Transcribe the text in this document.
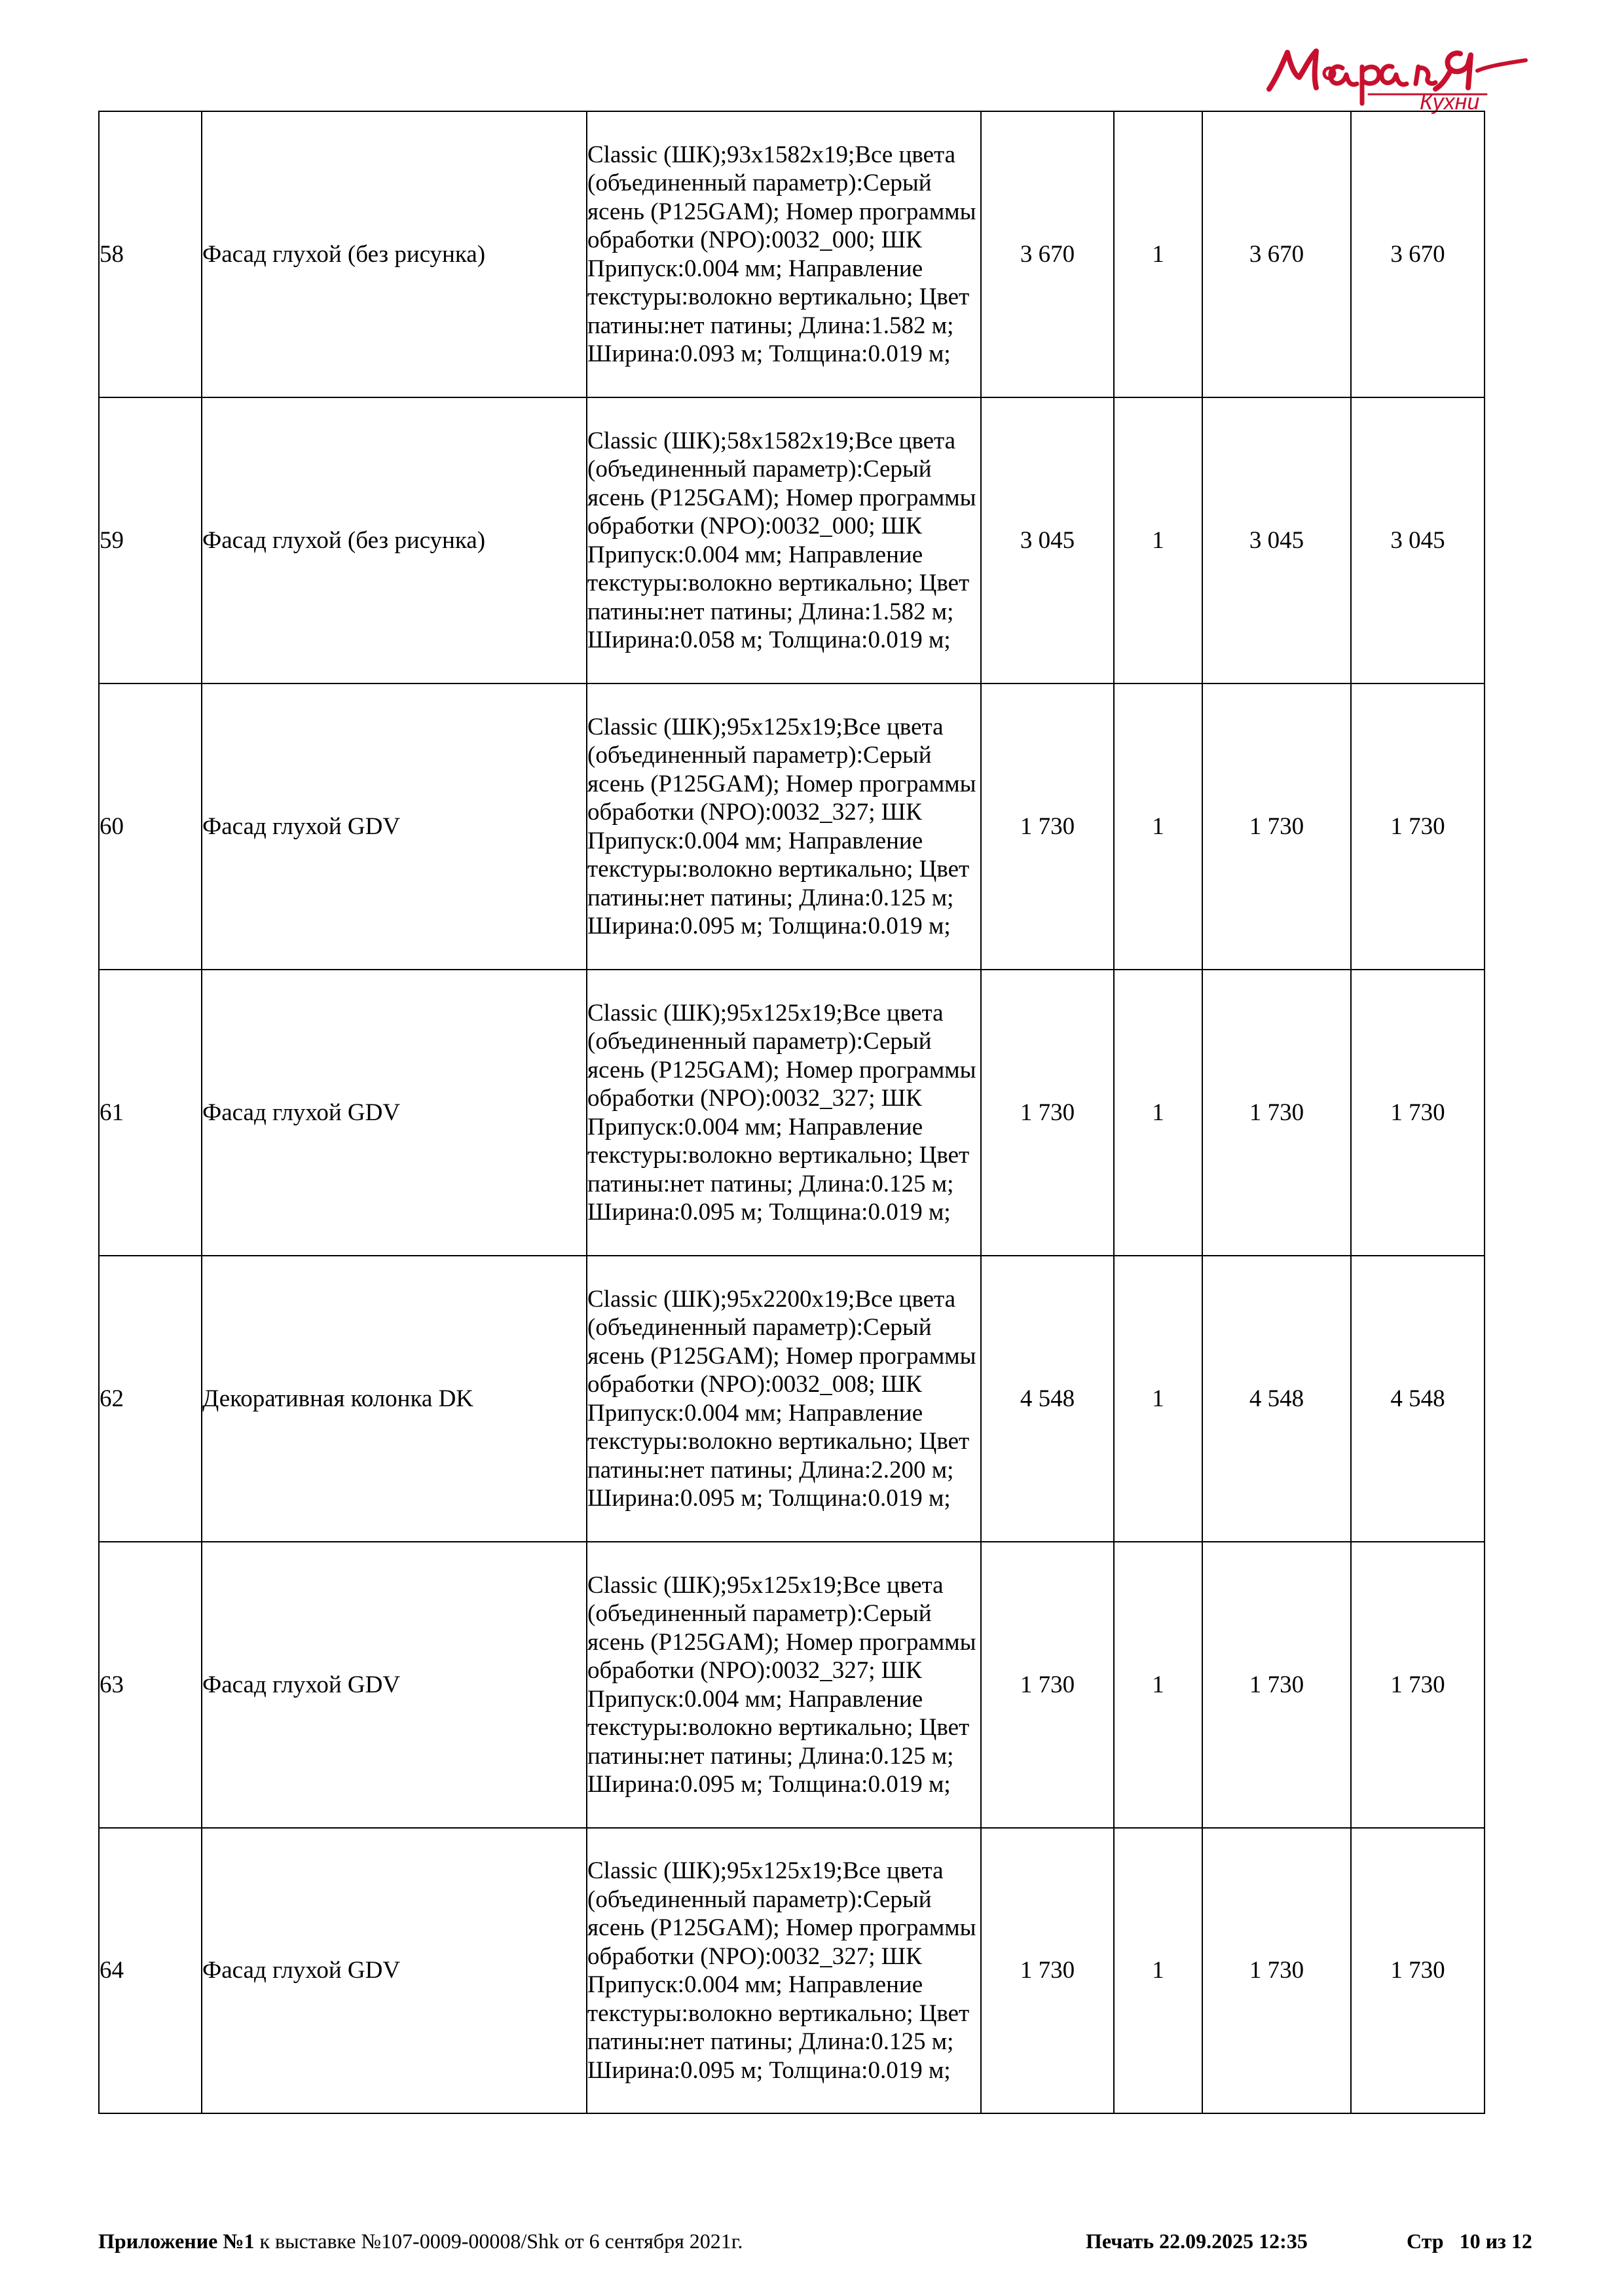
Кухни
58	Фасад глухой (без рисунка)	Classic (ШК);93x1582x19;Все цвета (объединенный параметр):Серый ясень (P125GAM); Номер программы обработки (NPO):0032_000; ШК Припуск:0.004 мм; Направление текстуры:волокно вертикально; Цвет патины:нет патины; Длина:1.582 м; Ширина:0.093 м; Толщина:0.019 м;	3 670	1	3 670	3 670
59	Фасад глухой (без рисунка)	Classic (ШК);58x1582x19;Все цвета (объединенный параметр):Серый ясень (P125GAM); Номер программы обработки (NPO):0032_000; ШК Припуск:0.004 мм; Направление текстуры:волокно вертикально; Цвет патины:нет патины; Длина:1.582 м; Ширина:0.058 м; Толщина:0.019 м;	3 045	1	3 045	3 045
60	Фасад глухой GDV	Classic (ШК);95x125x19;Все цвета (объединенный параметр):Серый ясень (P125GAM); Номер программы обработки (NPO):0032_327; ШК Припуск:0.004 мм; Направление текстуры:волокно вертикально; Цвет патины:нет патины; Длина:0.125 м; Ширина:0.095 м; Толщина:0.019 м;	1 730	1	1 730	1 730
61	Фасад глухой GDV	Classic (ШК);95x125x19;Все цвета (объединенный параметр):Серый ясень (P125GAM); Номер программы обработки (NPO):0032_327; ШК Припуск:0.004 мм; Направление текстуры:волокно вертикально; Цвет патины:нет патины; Длина:0.125 м; Ширина:0.095 м; Толщина:0.019 м;	1 730	1	1 730	1 730
62	Декоративная колонка DK	Classic (ШК);95x2200x19;Все цвета (объединенный параметр):Серый ясень (P125GAM); Номер программы обработки (NPO):0032_008; ШК Припуск:0.004 мм; Направление текстуры:волокно вертикально; Цвет патины:нет патины; Длина:2.200 м; Ширина:0.095 м; Толщина:0.019 м;	4 548	1	4 548	4 548
63	Фасад глухой GDV	Classic (ШК);95x125x19;Все цвета (объединенный параметр):Серый ясень (P125GAM); Номер программы обработки (NPO):0032_327; ШК Припуск:0.004 мм; Направление текстуры:волокно вертикально; Цвет патины:нет патины; Длина:0.125 м; Ширина:0.095 м; Толщина:0.019 м;	1 730	1	1 730	1 730
64	Фасад глухой GDV	Classic (ШК);95x125x19;Все цвета (объединенный параметр):Серый ясень (P125GAM); Номер программы обработки (NPO):0032_327; ШК Припуск:0.004 мм; Направление текстуры:волокно вертикально; Цвет патины:нет патины; Длина:0.125 м; Ширина:0.095 м; Толщина:0.019 м;	1 730	1	1 730	1 730
Приложение №1 к выставке №107-0009-00008/Shk от 6 сентября 2021г.	Печать 22.09.2025 12:35	Стр 10 из 12
